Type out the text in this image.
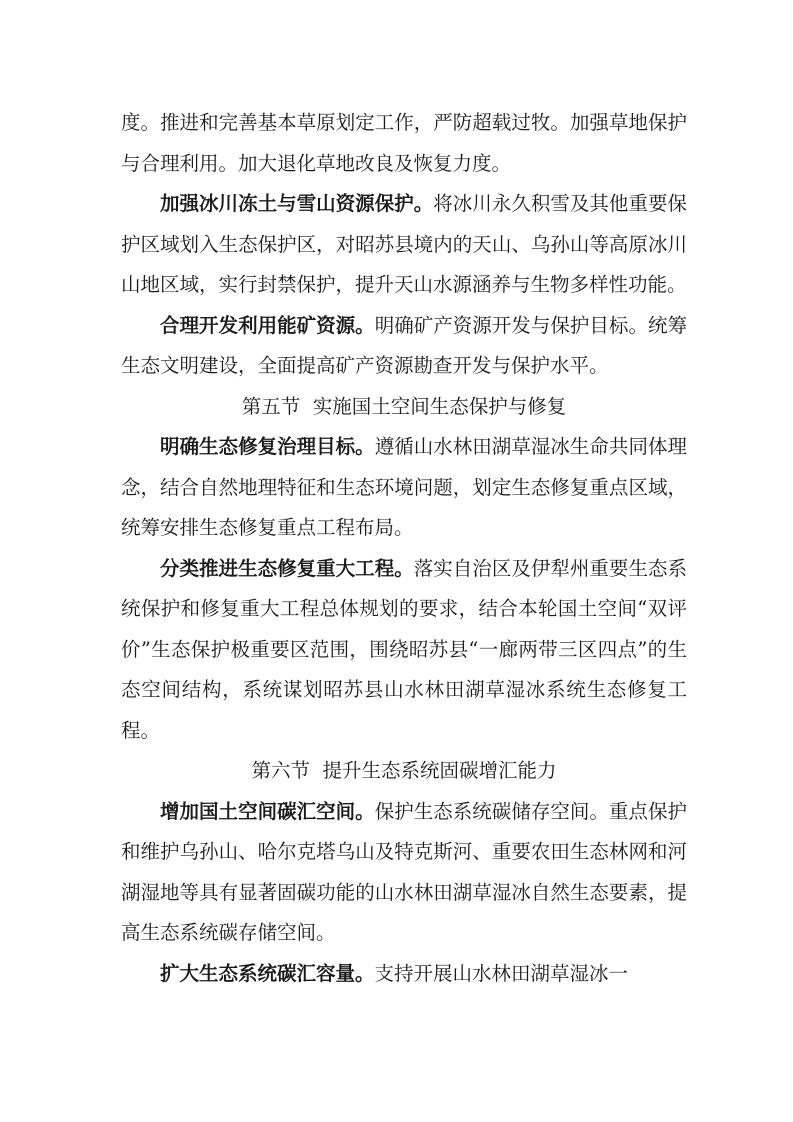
度。推进和完善基本草原划定工作，严防超载过牧。加强草地保护与合理利用。加大退化草地改良及恢复力度。

加强冰川冻土与雪山资源保护。将冰川永久积雪及其他重要保护区域划入生态保护区，对昭苏县境内的天山、乌孙山等高原冰川山地区域，实行封禁保护，提升天山水源涵养与生物多样性功能。

合理开发利用能矿资源。明确矿产资源开发与保护目标。统筹生态文明建设，全面提高矿产资源勘查开发与保护水平。

第五节  实施国土空间生态保护与修复

明确生态修复治理目标。遵循山水林田湖草湿冰生命共同体理念，结合自然地理特征和生态环境问题，划定生态修复重点区域，统筹安排生态修复重点工程布局。

分类推进生态修复重大工程。落实自治区及伊犁州重要生态系统保护和修复重大工程总体规划的要求，结合本轮国土空间“双评价”生态保护极重要区范围，围绕昭苏县“一廊两带三区四点”的生态空间结构，系统谋划昭苏县山水林田湖草湿冰系统生态修复工程。

第六节  提升生态系统固碳增汇能力

增加国土空间碳汇空间。保护生态系统碳储存空间。重点保护和维护乌孙山、哈尔克塔乌山及特克斯河、重要农田生态林网和河湖湿地等具有显著固碳功能的山水林田湖草湿冰自然生态要素，提高生态系统碳存储空间。

扩大生态系统碳汇容量。支持开展山水林田湖草湿冰一
